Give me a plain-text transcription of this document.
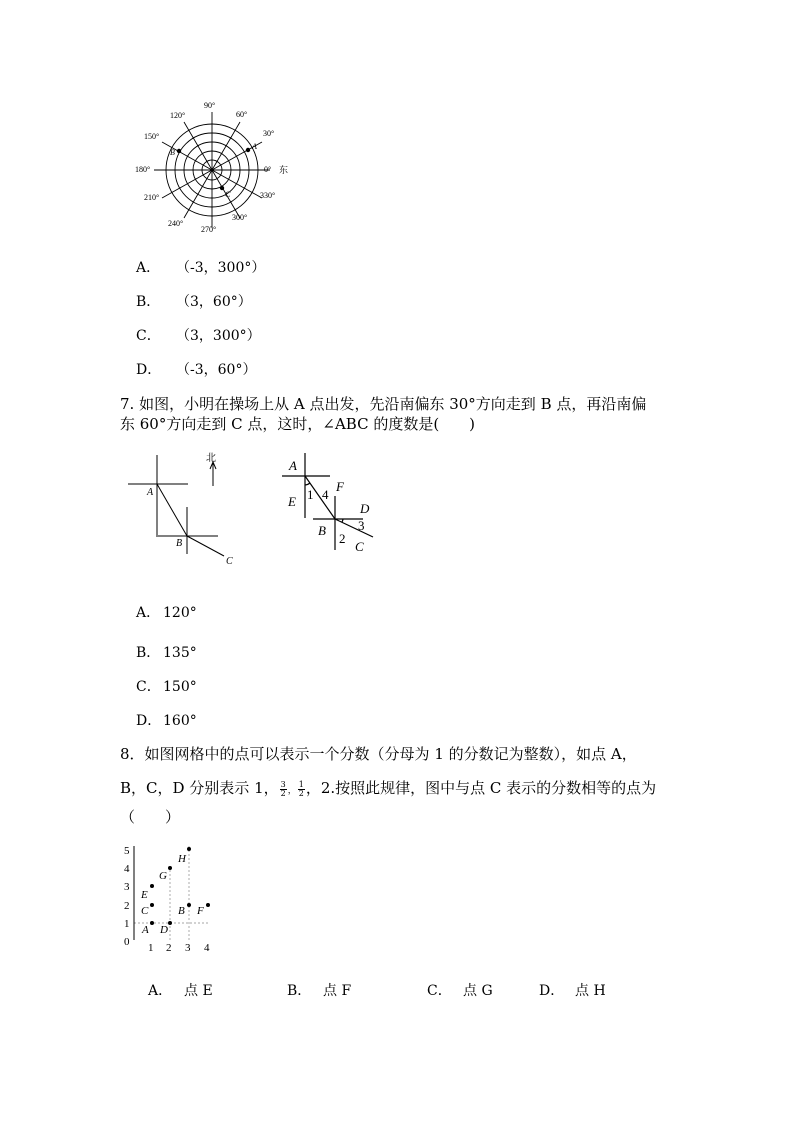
90°
60°
30°
0°
330°
300°
270°
240°
210°
180°
150°
120°
东
A
B
C
A． （-3，300°）
B． （3，60°）
C． （3，300°）
D． （-3，60°）
7. 如图，小明在操场上从 A 点出发，先沿南偏东 30°方向走到 B 点，再沿南偏
东 60°方向走到 C 点，这时，∠ABC 的度数是(　　)
北
A
B
C
A
E 1 4
F
D
B
2
3
C
A． 120°
B． 135°
C． 150°
D． 160°
8．如图网格中的点可以表示一个分数（分母为 1 的分数记为整数），如点 A，
B，C，D 分别表示 1， $\frac{3}{2}$ ， $\frac{1}{2}$ ，2.按照此规律，图中与点 C 表示的分数相等的点为
（　　）
5
4
3
2
1
0 1 2 3 4
H
G
E
C	B F
A D
A． 点 E	B． 点 F	C． 点 G	D． 点 H
